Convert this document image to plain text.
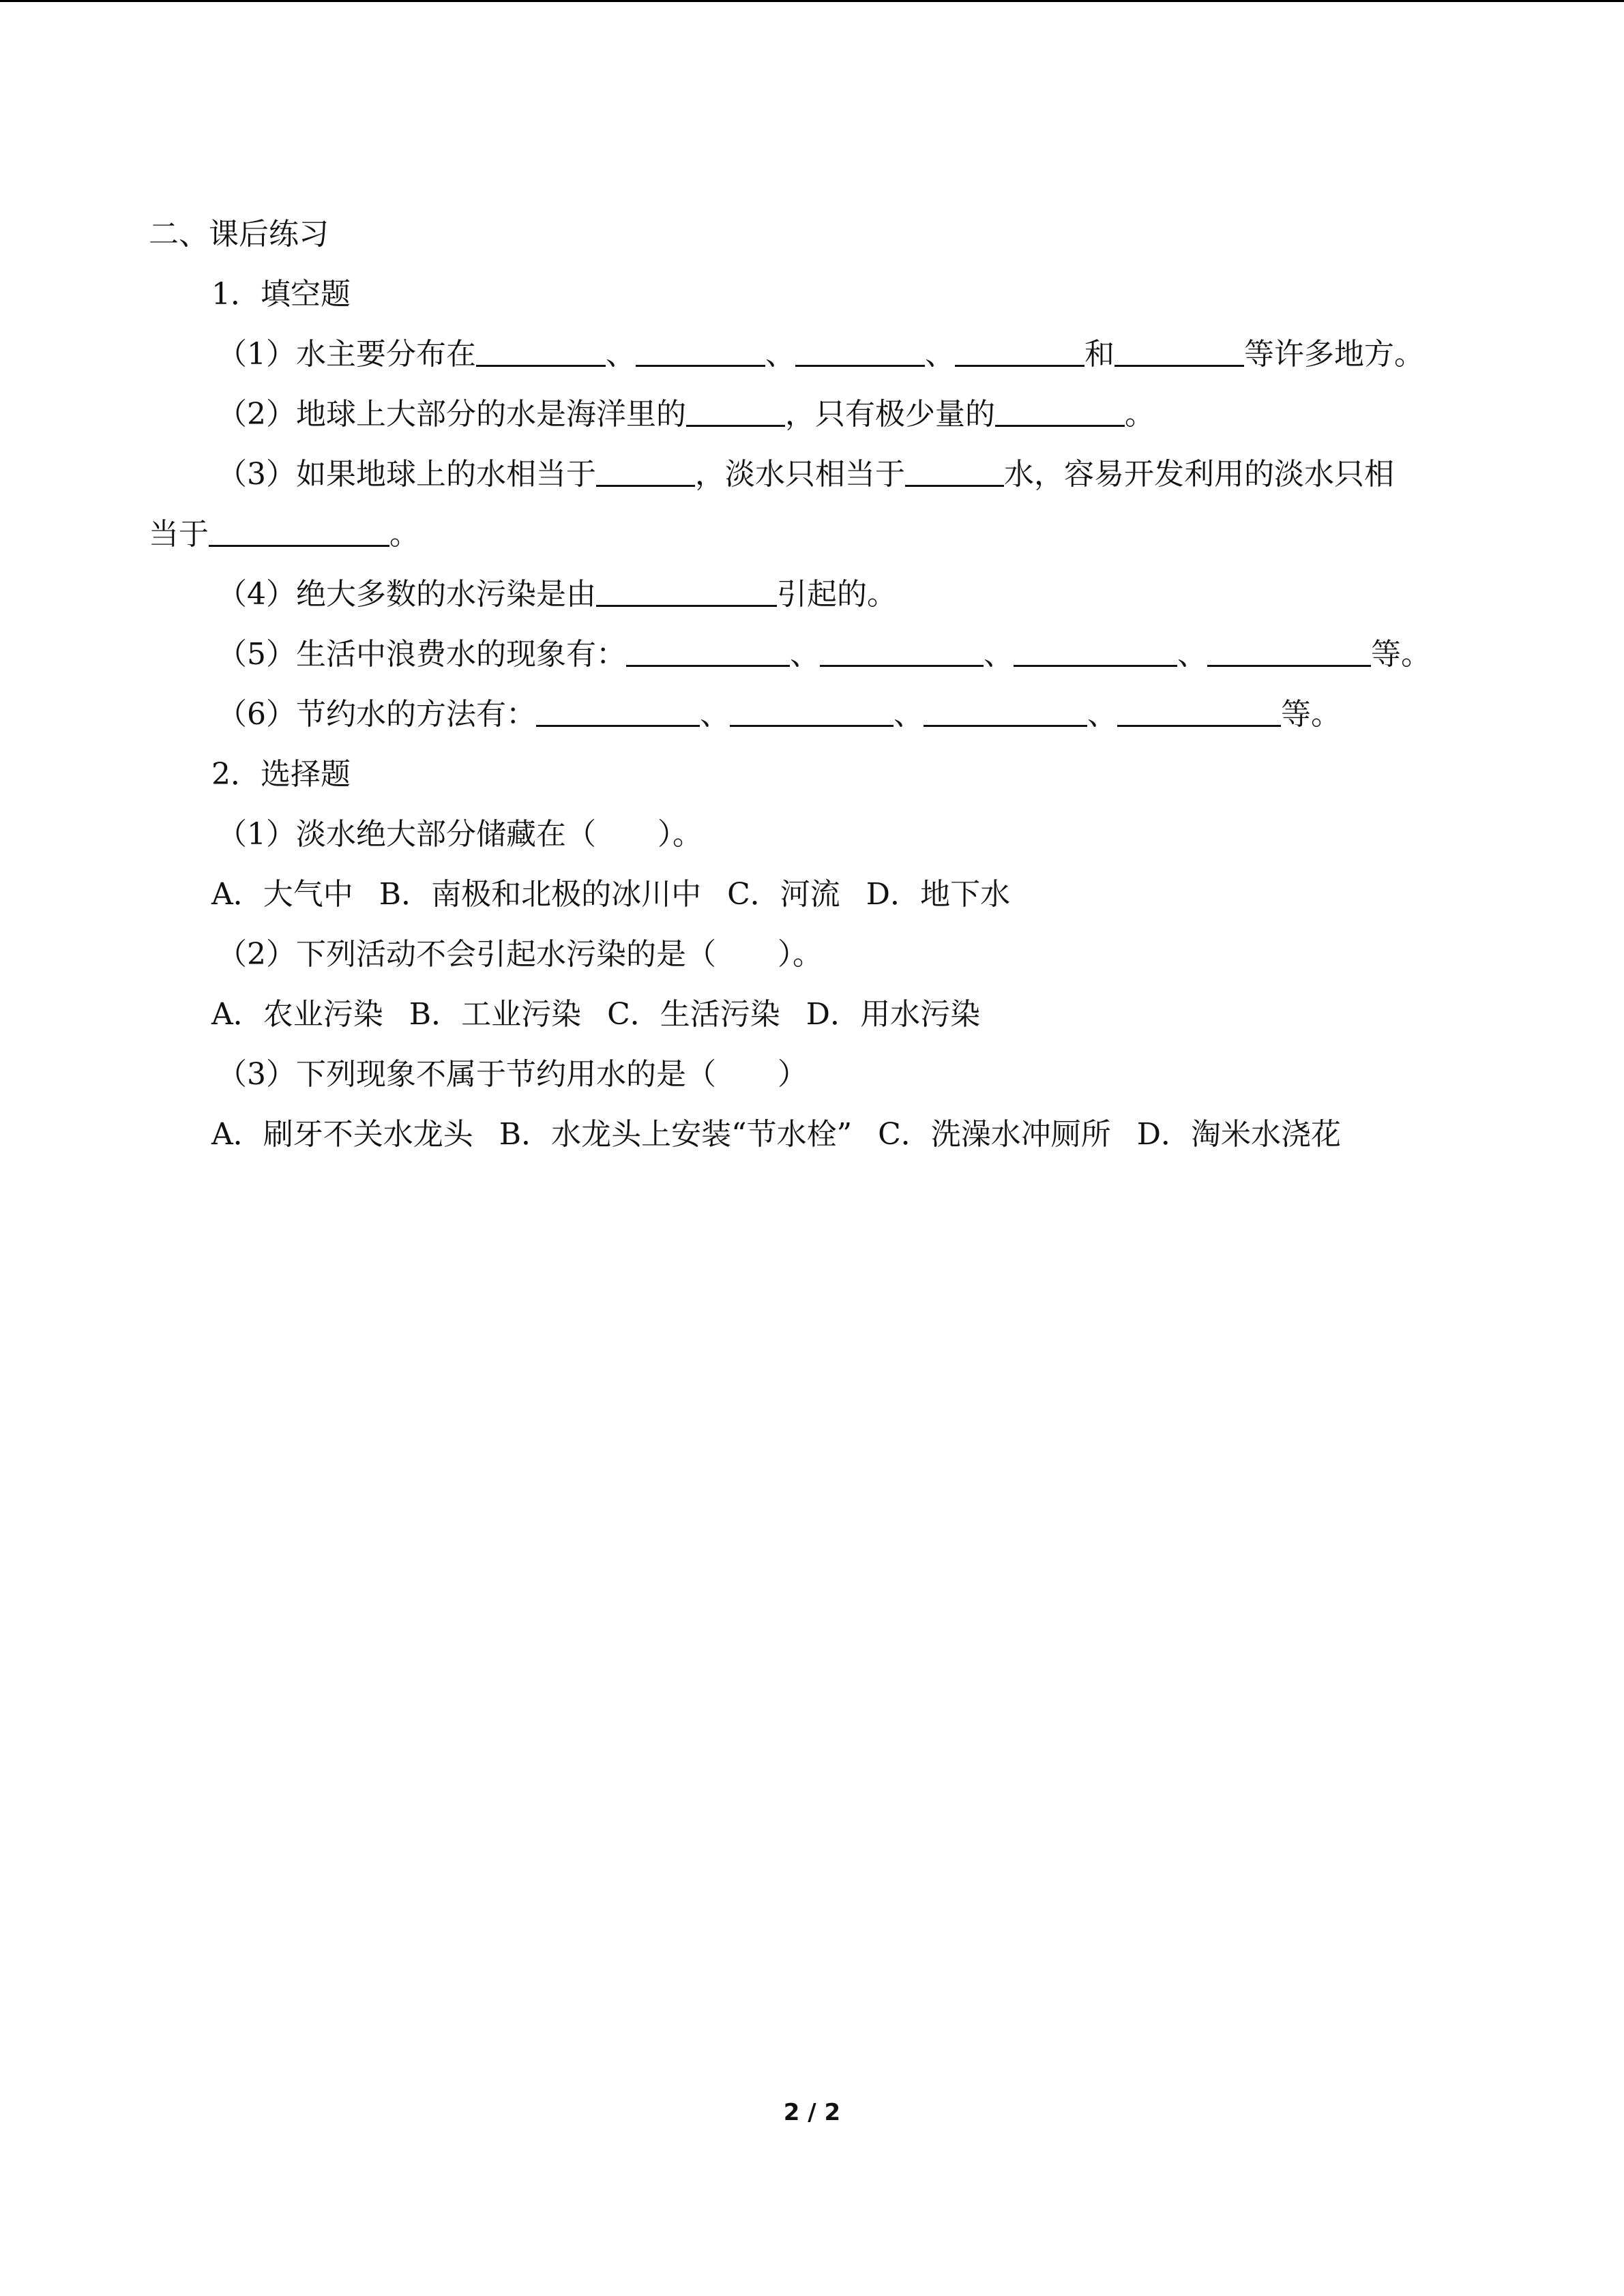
二、课后练习
1．填空题
（1）水主要分布在	、	、	、	和	等许多地方。
（2）地球上大部分的水是海洋里的	，只有极少量的	。
（3）如果地球上的水相当于	，淡水只相当于	水，容易开发利用的淡水只相
当于	。
（4）绝大多数的水污染是由	引起的。
（5）生活中浪费水的现象有：	、	、	、	等。
（6）节约水的方法有：	、	、	、	等。
2．选择题
（1）淡水绝大部分储藏在（ ）。
A．大气中 B．南极和北极的冰川中 C．河流 D．地下水
（2）下列活动不会引起水污染的是（ ）。
A．农业污染 B．工业污染 C．生活污染 D．用水污染
（3）下列现象不属于节约用水的是（ ）
A．刷牙不关水龙头 B．水龙头上安装“节水栓” C．洗澡水冲厕所 D．淘米水浇花
2 / 2
